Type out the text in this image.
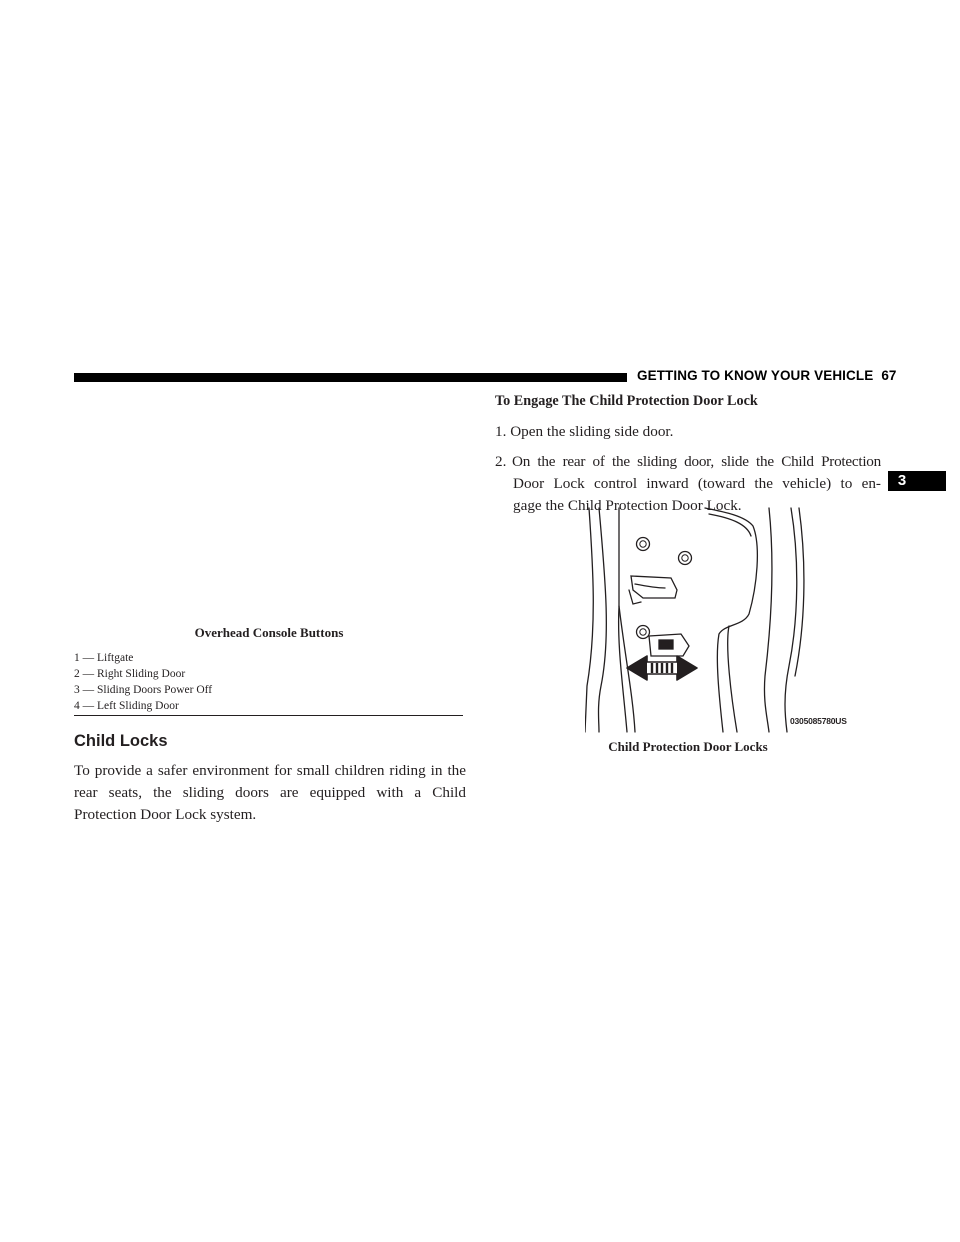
GETTING TO KNOW YOUR VEHICLE 67
3
Overhead Console Buttons
1 — Liftgate
2 — Right Sliding Door
3 — Sliding Doors Power Off
4 — Left Sliding Door
Child Locks
To provide a safer environment for small children riding in the rear seats, the sliding doors are equipped with a Child Protection Door Lock system.
To Engage The Child Protection Door Lock
1. Open the sliding side door.
2. On the rear of the sliding door, slide the Child Protection
Door Lock control inward (toward the vehicle) to en-
gage the Child Protection Door Lock.
0305085780US
Child Protection Door Locks
